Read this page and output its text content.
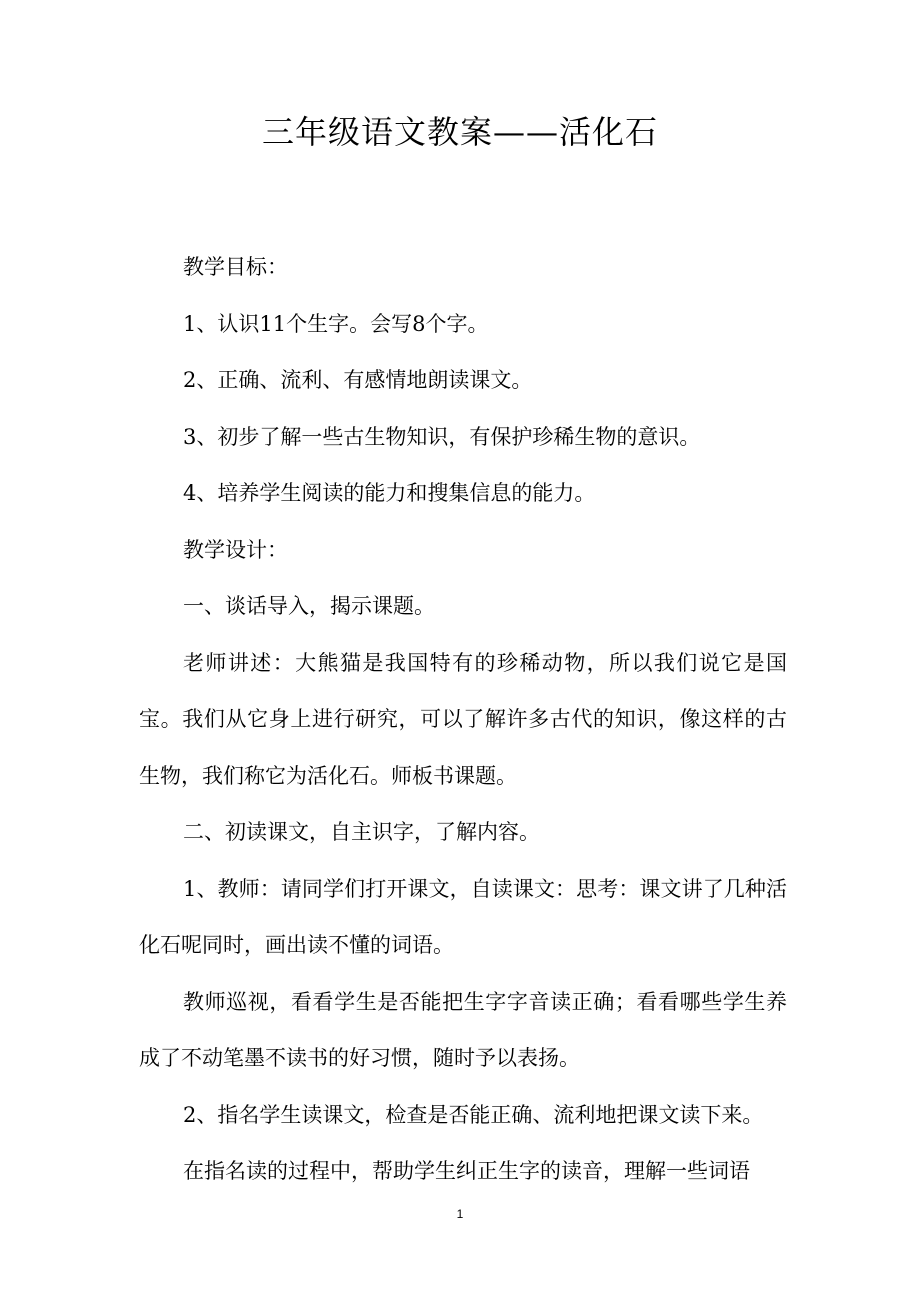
三年级语文教案——活化石

教学目标：

1、认识11个生字。会写8个字。

2、正确、流利、有感情地朗读课文。

3、初步了解一些古生物知识，有保护珍稀生物的意识。

4、培养学生阅读的能力和搜集信息的能力。

教学设计：

一、谈话导入，揭示课题。

老师讲述：大熊猫是我国特有的珍稀动物，所以我们说它是国宝。我们从它身上进行研究，可以了解许多古代的知识，像这样的古生物，我们称它为活化石。师板书课题。

二、初读课文，自主识字，了解内容。

1、教师：请同学们打开课文，自读课文：思考：课文讲了几种活化石呢同时，画出读不懂的词语。

教师巡视，看看学生是否能把生字字音读正确；看看哪些学生养成了不动笔墨不读书的好习惯，随时予以表扬。

2、指名学生读课文，检查是否能正确、流利地把课文读下来。

在指名读的过程中，帮助学生纠正生字的读音，理解一些词语

1
